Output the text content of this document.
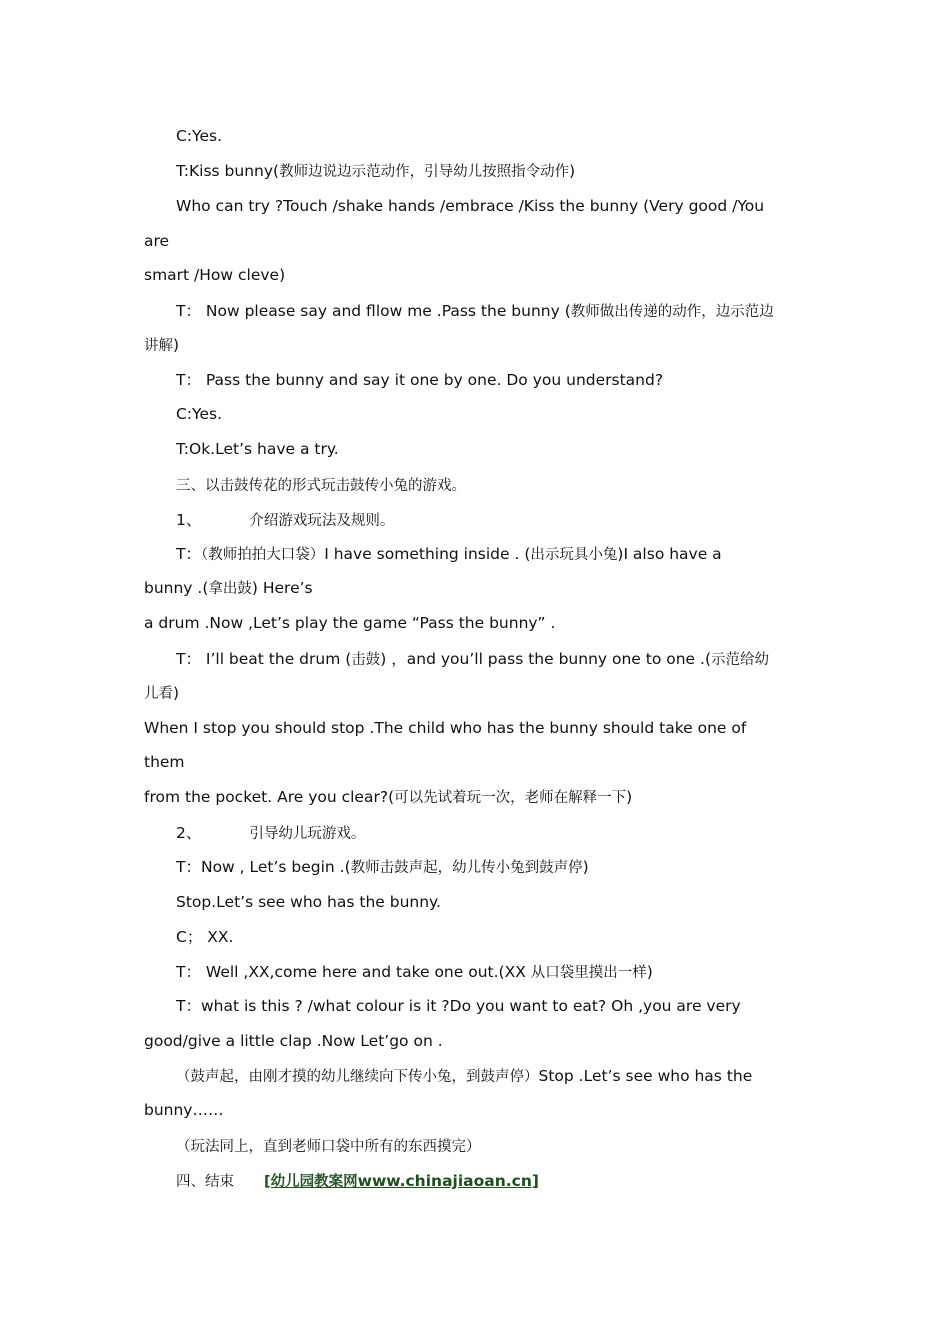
C:Yes.
T:Kiss bunny(教师边说边示范动作，引导幼儿按照指令动作)
Who can try ?Touch /shake hands /embrace /Kiss the bunny (Very good /You
are
smart /How cleve)
T： Now please say and fllow me .Pass the bunny (教师做出传递的动作，边示范边
讲解)
T： Pass the bunny and say it one by one. Do you understand?
C:Yes.
T:Ok.Let’s have a try.
三、以击鼓传花的形式玩击鼓传小兔的游戏。
1、	介绍游戏玩法及规则。
T：（教师拍拍大口袋）I have something inside . (出示玩具小兔)I also have a
bunny .(拿出鼓) Here’s
a drum .Now ,Let’s play the game “Pass the bunny” .
T： I’ll beat the drum (击鼓) ，and you’ll pass the bunny one to one .(示范给幼
儿看)
When I stop you should stop .The child who has the bunny should take one of
them
from the pocket. Are you clear?(可以先试着玩一次，老师在解释一下)
2、	引导幼儿玩游戏。
T：Now , Let’s begin .(教师击鼓声起，幼儿传小兔到鼓声停)
Stop.Let’s see who has the bunny.
C； XX.
T： Well ,XX,come here and take one out.(XX 从口袋里摸出一样)
T：what is this ? /what colour is it ?Do you want to eat? Oh ,you are very
good/give a little clap .Now Let’go on .
（鼓声起，由刚才摸的幼儿继续向下传小兔，到鼓声停）Stop .Let’s see who has the
bunny……
（玩法同上，直到老师口袋中所有的东西摸完）
四、结束 [幼儿园教案网www.chinajiaoan.cn]
